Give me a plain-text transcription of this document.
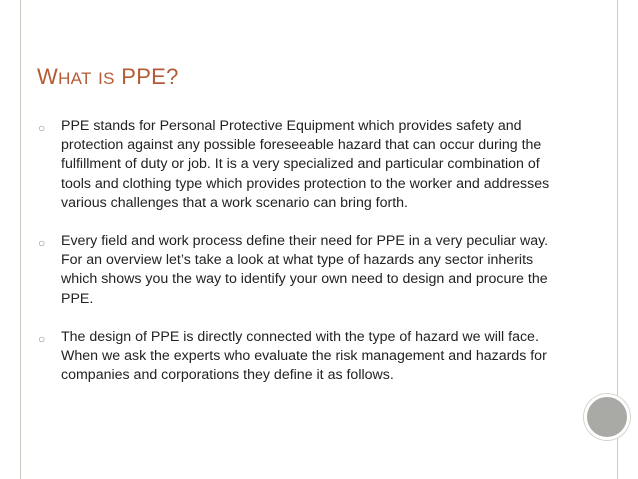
WHAT IS PPE?
○ PPE stands for Personal Protective Equipment which provides safety and protection against any possible foreseeable hazard that can occur during the fulfillment of duty or job. It is a very specialized and particular combination of tools and clothing type which provides protection to the worker and addresses various challenges that a work scenario can bring forth.
○ Every field and work process define their need for PPE in a very peculiar way. For an overview let’s take a look at what type of hazards any sector inherits which shows you the way to identify your own need to design and procure the PPE.
○ The design of PPE is directly connected with the type of hazard we will face. When we ask the experts who evaluate the risk management and hazards for companies and corporations they define it as follows.
